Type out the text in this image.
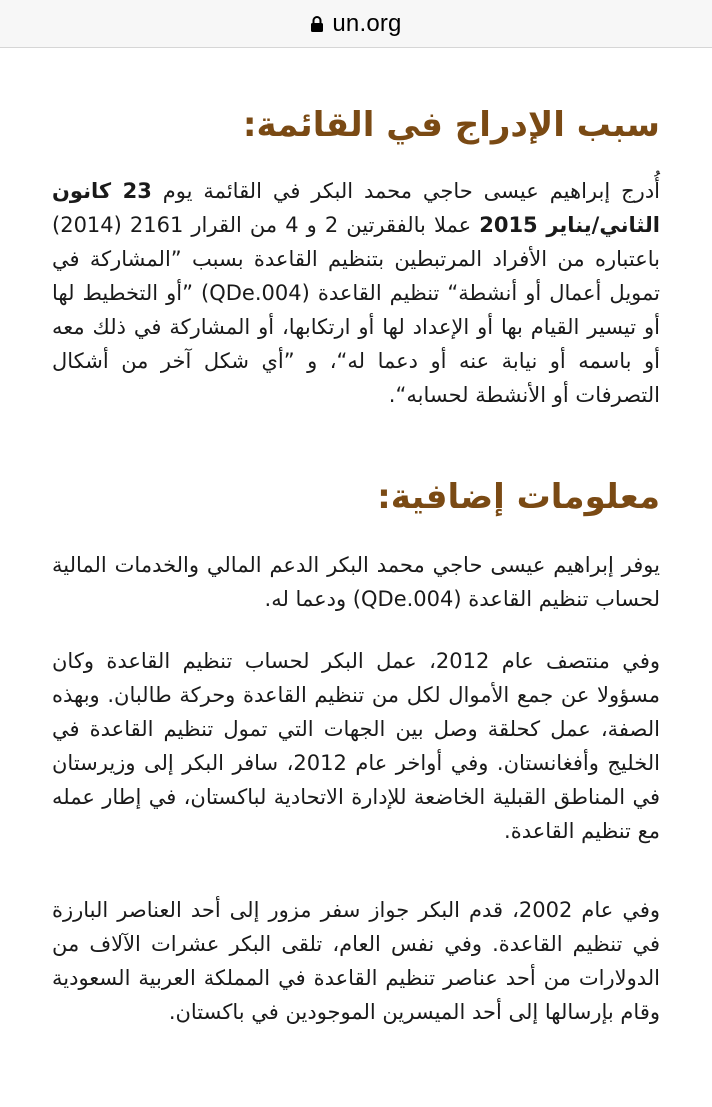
un.org
سبب الإدراج في القائمة:

أُدرج إبراهيم عيسى حاجي محمد البكر في القائمة يوم 23 كانون الثاني/يناير 2015 عملا بالفقرتين 2 و 4 من القرار 2161 (2014) باعتباره من الأفراد المرتبطين بتنظيم القاعدة بسبب ”المشاركة في تمويل أعمال أو أنشطة“ تنظيم القاعدة (QDe.004) ”أو التخطيط لها أو تيسير القيام بها أو الإعداد لها أو ارتكابها، أو المشاركة في ذلك معه أو باسمه أو نيابة عنه أو دعما له“، و ”أي شكل آخر من أشكال التصرفات أو الأنشطة لحسابه“.

معلومات إضافية:

يوفر إبراهيم عيسى حاجي محمد البكر الدعم المالي والخدمات المالية لحساب تنظيم القاعدة (QDe.004) ودعما له.

وفي منتصف عام 2012، عمل البكر لحساب تنظيم القاعدة وكان مسؤولا عن جمع الأموال لكل من تنظيم القاعدة وحركة طالبان. وبهذه الصفة، عمل كحلقة وصل بين الجهات التي تمول تنظيم القاعدة في الخليج وأفغانستان. وفي أواخر عام 2012، سافر البكر إلى وزيرستان في المناطق القبلية الخاضعة للإدارة الاتحادية لباكستان، في إطار عمله مع تنظيم القاعدة.

وفي عام 2002، قدم البكر جواز سفر مزور إلى أحد العناصر البارزة في تنظيم القاعدة. وفي نفس العام، تلقى البكر عشرات الآلاف من الدولارات من أحد عناصر تنظيم القاعدة في المملكة العربية السعودية وقام بإرسالها إلى أحد الميسرين الموجودين في باكستان.
